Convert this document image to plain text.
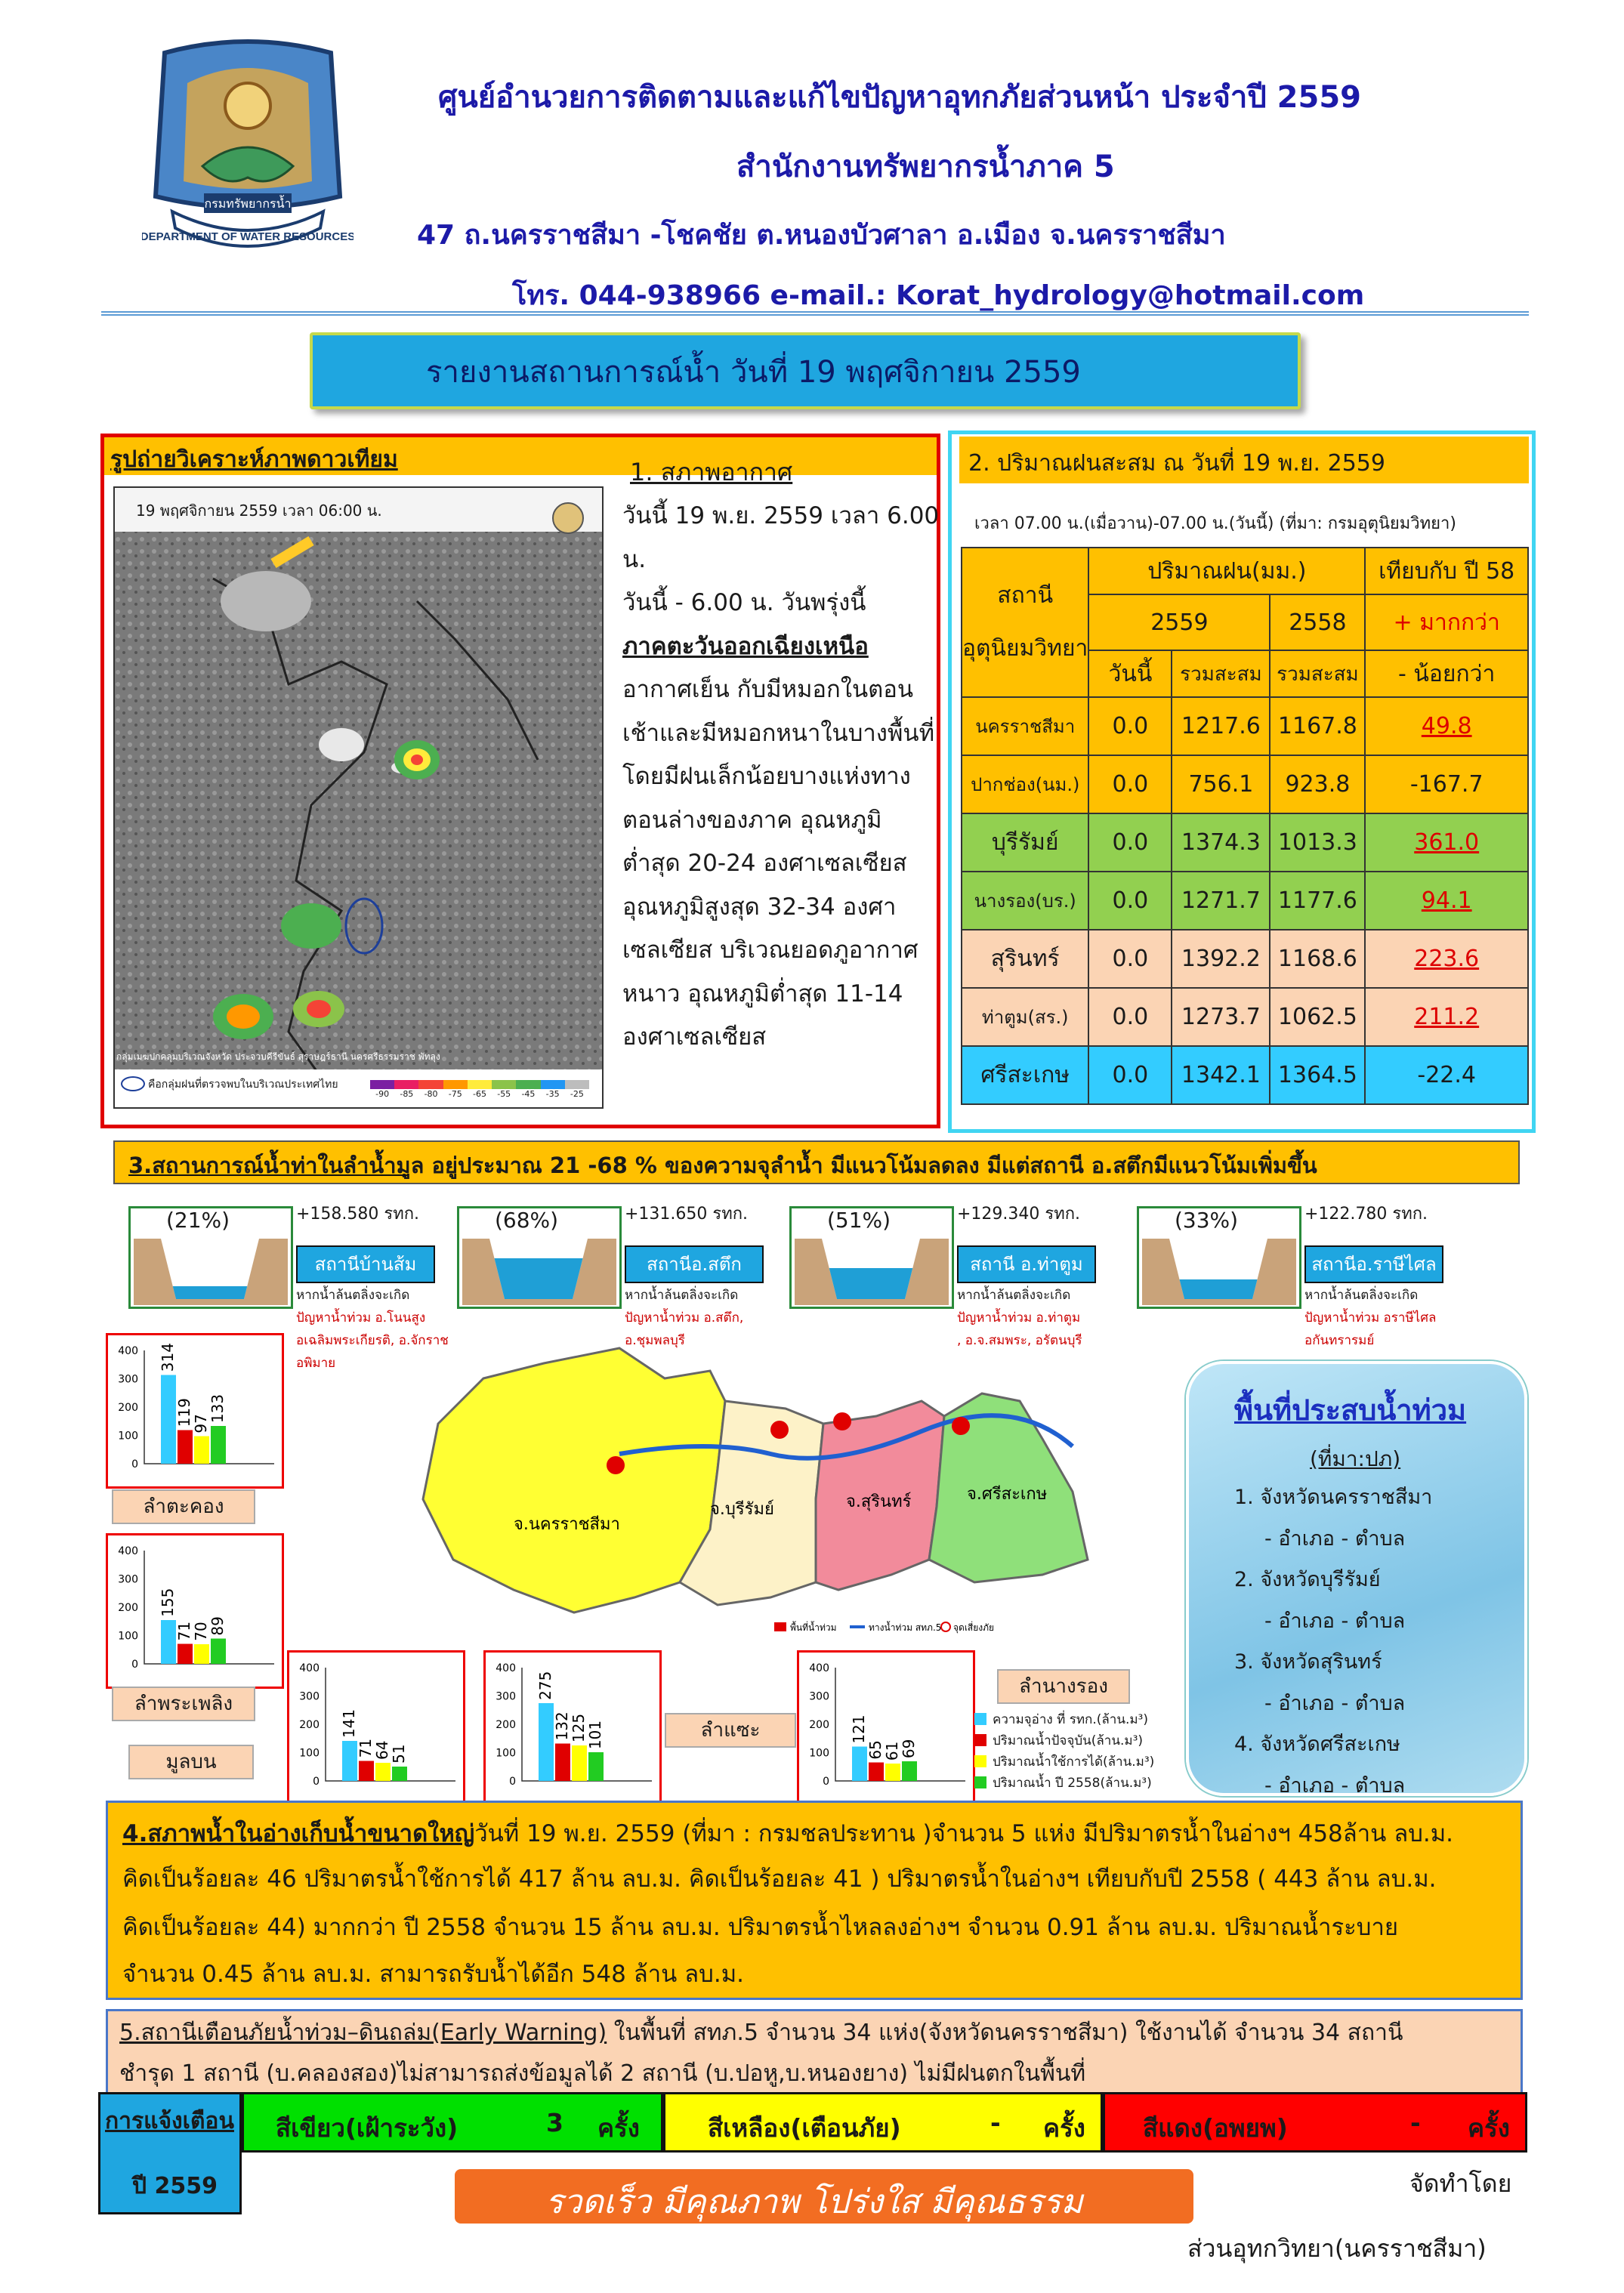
DEPARTMENT OF WATER RESOURCES
กรมทรัพยากรน้ำ
ศูนย์อำนวยการติดตามและแก้ไขปัญหาอุทกภัยส่วนหน้า ประจำปี 2559
สำนักงานทรัพยากรน้ำภาค 5
47 ถ.นครราชสีมา -โชคชัย ต.หนองบัวศาลา อ.เมือง จ.นครราชสีมา
โทร. 044-938966 e-mail.: Korat_hydrology@hotmail.com
รายงานสถานการณ์น้ำ วันที่ 19 พฤศจิกายน 2559
รูปถ่ายวิเคราะห์ภาพดาวเทียม
19 พฤศจิกายน 2559 เวลา 06:00 น.
กลุ่มเมฆปกคลุมบริเวณจังหวัด ประจวบคีรีขันธ์ สุราษฎร์ธานี นครศรีธรรมราช พัทลุง
คือกลุ่มฝนที่ตรวจพบในบริเวณประเทศไทย
-90	-85	-80	-75	-65	-55	-45	-35	-25
1. สภาพอากาศ
วันนี้ 19 พ.ย. 2559 เวลา 6.00 น.
วันนี้ - 6.00 น. วันพรุ่งนี้
ภาคตะวันออกเฉียงเหนือ
อากาศเย็น กับมีหมอกในตอน
เช้าและมีหมอกหนาในบางพื้นที่
โดยมีฝนเล็กน้อยบางแห่งทาง
ตอนล่างของภาค อุณหภูมิ
ต่ำสุด 20-24 องศาเซลเซียส
อุณหภูมิสูงสุด 32-34 องศา
เซลเซียส บริเวณยอดภูอากาศ
หนาว อุณหภูมิต่ำสุด 11-14
องศาเซลเซียส
2. ปริมาณฝนสะสม ณ วันที่ 19 พ.ย. 2559
เวลา 07.00 น.(เมื่อวาน)-07.00 น.(วันนี้) (ที่มา: กรมอุตุนิยมวิทยา)
สถานี
อุตุนิยมวิทยา	ปริมาณฝน(มม.)			เทียบกับ ปี 58
	2559		2558	+ มากกว่า
	วันนี้	รวมสะสม	รวมสะสม	- น้อยกว่า
นครราชสีมา	0.0	1217.6	1167.8	49.8
ปากช่อง(นม.)	0.0	756.1	923.8	-167.7
บุรีรัมย์	0.0	1374.3	1013.3	361.0
นางรอง(บร.)	0.0	1271.7	1177.6	94.1
สุรินทร์	0.0	1392.2	1168.6	223.6
ท่าตูม(สร.)	0.0	1273.7	1062.5	211.2
ศรีสะเกษ	0.0	1342.1	1364.5	-22.4
3.สถานการณ์น้ำท่าในลำน้ำมูล อยู่ประมาณ 21 -68 % ของความจุลำน้ำ มีแนวโน้มลดลง มีแต่สถานี อ.สตึกมีแนวโน้มเพิ่มขึ้น
(21%)	+158.580 รทก.
สถานีบ้านส้ม
หากน้ำล้นตลิ่งจะเกิด
ปัญหาน้ำท่วม อ.โนนสูง
อเฉลิมพระเกียรติ, อ.จักราช
อพิมาย
(68%)	+131.650 รทก.
สถานีอ.สตึก
หากน้ำล้นตลิ่งจะเกิด
ปัญหาน้ำท่วม อ.สตึก,
อ.ชุมพลบุรี
(51%)	+129.340 รทก.
สถานี อ.ท่าตูม
หากน้ำล้นตลิ่งจะเกิด
ปัญหาน้ำท่วม อ.ท่าตูม
, อ.จ.สมพระ, อรัตนบุรี
(33%)	+122.780 รทก.
สถานีอ.ราษีไศล
หากน้ำล้นตลิ่งจะเกิด
ปัญหาน้ำท่วม อราษีไศล
อกันทรารมย์
จ.นครราชสีมา
จ.บุรีรัมย์	จ.สุรินทร์	จ.ศรีสะเกษ
พื้นที่น้ำท่วม	ทางน้ำท่วม สทภ.5 จุดเสี่ยงภัย
0
100
200
300
400 314
119
97
133
0
100
200
300
400
155
71
70
89
0
100
200
300
400
141
71
64
51
0
100
200
300
400
275
132
125
101
0
100
200
300
400
121
65
61
69
ลำตะคอง
ลำพระเพลิง
มูลบน
ลำแซะ
ลำนางรอง
ความจุอ่าง ที่ รทก.(ล้าน.ม³)
ปริมาณน้ำปัจจุบัน(ล้าน.ม³)
ปริมาณน้ำใช้การได้(ล้าน.ม³)
ปริมาณน้ำ ปี 2558(ล้าน.ม³)
พื้นที่ประสบน้ำท่วม
(ที่มา:ปภ)
1. จังหวัดนครราชสีมา
- อำเภอ - ตำบล
2. จังหวัดบุรีรัมย์
- อำเภอ - ตำบล
3. จังหวัดสุรินทร์
- อำเภอ - ตำบล
4. จังหวัดศรีสะเกษ
- อำเภอ - ตำบล
4.สภาพน้ำในอ่างเก็บน้ำขนาดใหญ่วันที่ 19 พ.ย. 2559 (ที่มา : กรมชลประทาน )จำนวน 5 แห่ง มีปริมาตรน้ำในอ่างฯ 458ล้าน ลบ.ม.
คิดเป็นร้อยละ 46 ปริมาตรน้ำใช้การได้ 417 ล้าน ลบ.ม. คิดเป็นร้อยละ 41 ) ปริมาตรน้ำในอ่างฯ เทียบกับปี 2558 ( 443 ล้าน ลบ.ม.
คิดเป็นร้อยละ 44) มากกว่า ปี 2558 จำนวน 15 ล้าน ลบ.ม. ปริมาตรน้ำไหลลงอ่างฯ จำนวน 0.91 ล้าน ลบ.ม. ปริมาณน้ำระบาย
จำนวน 0.45 ล้าน ลบ.ม. สามารถรับน้ำได้อีก 548 ล้าน ลบ.ม.
5.สถานีเตือนภัยน้ำท่วม–ดินถล่ม(Early Warning) ในพื้นที่ สทภ.5 จำนวน 34 แห่ง(จังหวัดนครราชสีมา) ใช้งานได้ จำนวน 34 สถานี
ชำรุด 1 สถานี (บ.คลองสอง)ไม่สามารถส่งข้อมูลได้ 2 สถานี (บ.ปอหู,บ.หนองยาง) ไม่มีฝนตกในพื้นที่
การแจ้งเตือน
ปี 2559
สีเขียว(เฝ้าระวัง)	3 ครั้ง	สีเหลือง(เตือนภัย)	- ครั้ง สีแดง(อพยพ)	- ครั้ง
รวดเร็ว มีคุณภาพ โปร่งใส มีคุณธรรม	จัดทำโดย
ส่วนอุทกวิทยา(นครราชสีมา)
